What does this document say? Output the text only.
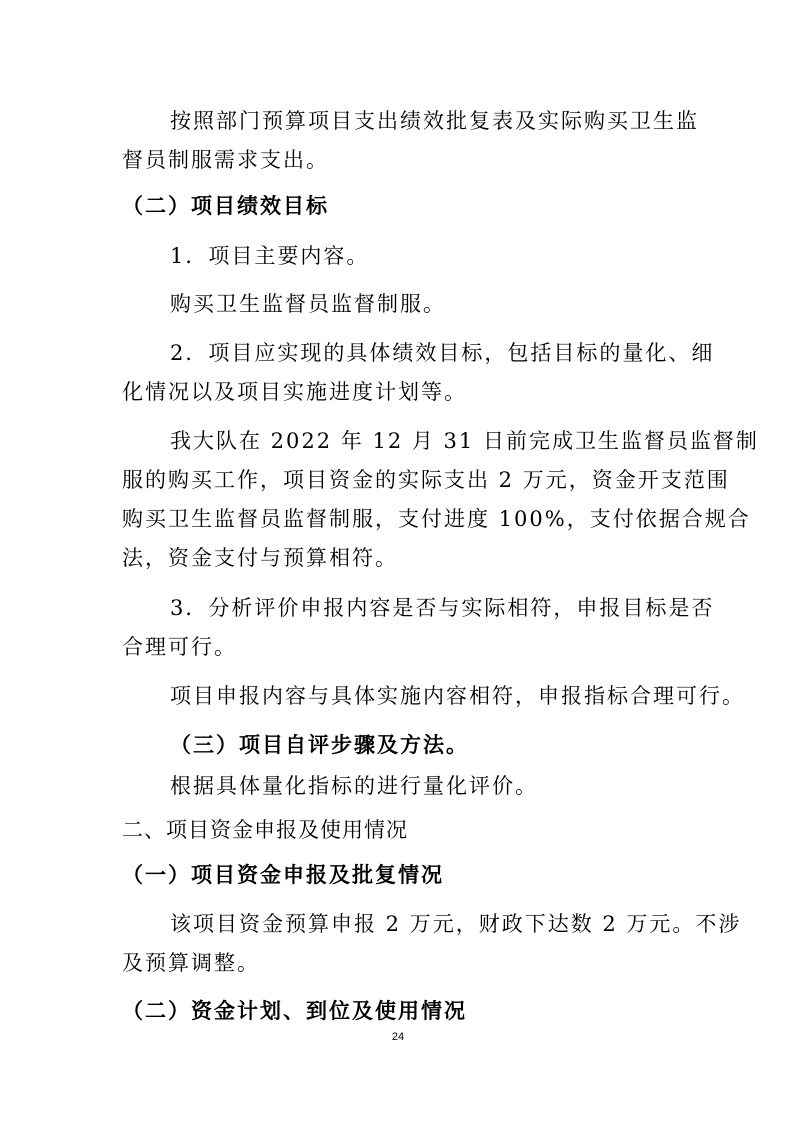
按照部门预算项目支出绩效批复表及实际购买卫生监
督员制服需求支出。
（二）项目绩效目标
1．项目主要内容。
购买卫生监督员监督制服。
2．项目应实现的具体绩效目标，包括目标的量化、细
化情况以及项目实施进度计划等。
我大队在 2022 年 12 月 31 日前完成卫生监督员监督制
服的购买工作，项目资金的实际支出 2 万元，资金开支范围
购买卫生监督员监督制服，支付进度 100%，支付依据合规合
法，资金支付与预算相符。
3．分析评价申报内容是否与实际相符，申报目标是否
合理可行。
项目申报内容与具体实施内容相符，申报指标合理可行。
（三）项目自评步骤及方法。
根据具体量化指标的进行量化评价。
二、项目资金申报及使用情况
（一）项目资金申报及批复情况
该项目资金预算申报 2 万元，财政下达数 2 万元。不涉
及预算调整。
（二）资金计划、到位及使用情况
24
